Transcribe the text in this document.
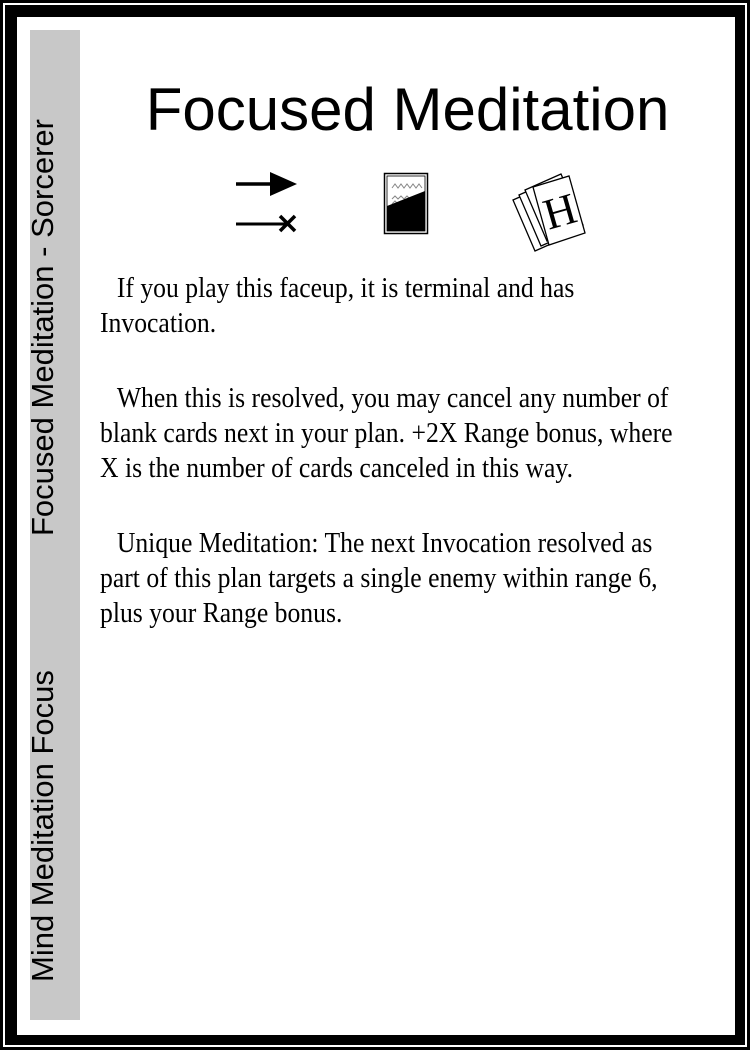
Focused Meditation - Sorcerer
Mind Meditation Focus
Focused Meditation
H

If you play this faceup, it is terminal and has Invocation.

When this is resolved, you may cancel any number of blank cards next in your plan. +2X Range bonus, where X is the number of cards canceled in this way.

Unique Meditation: The next Invocation resolved as part of this plan targets a single enemy within range 6, plus your Range bonus.
